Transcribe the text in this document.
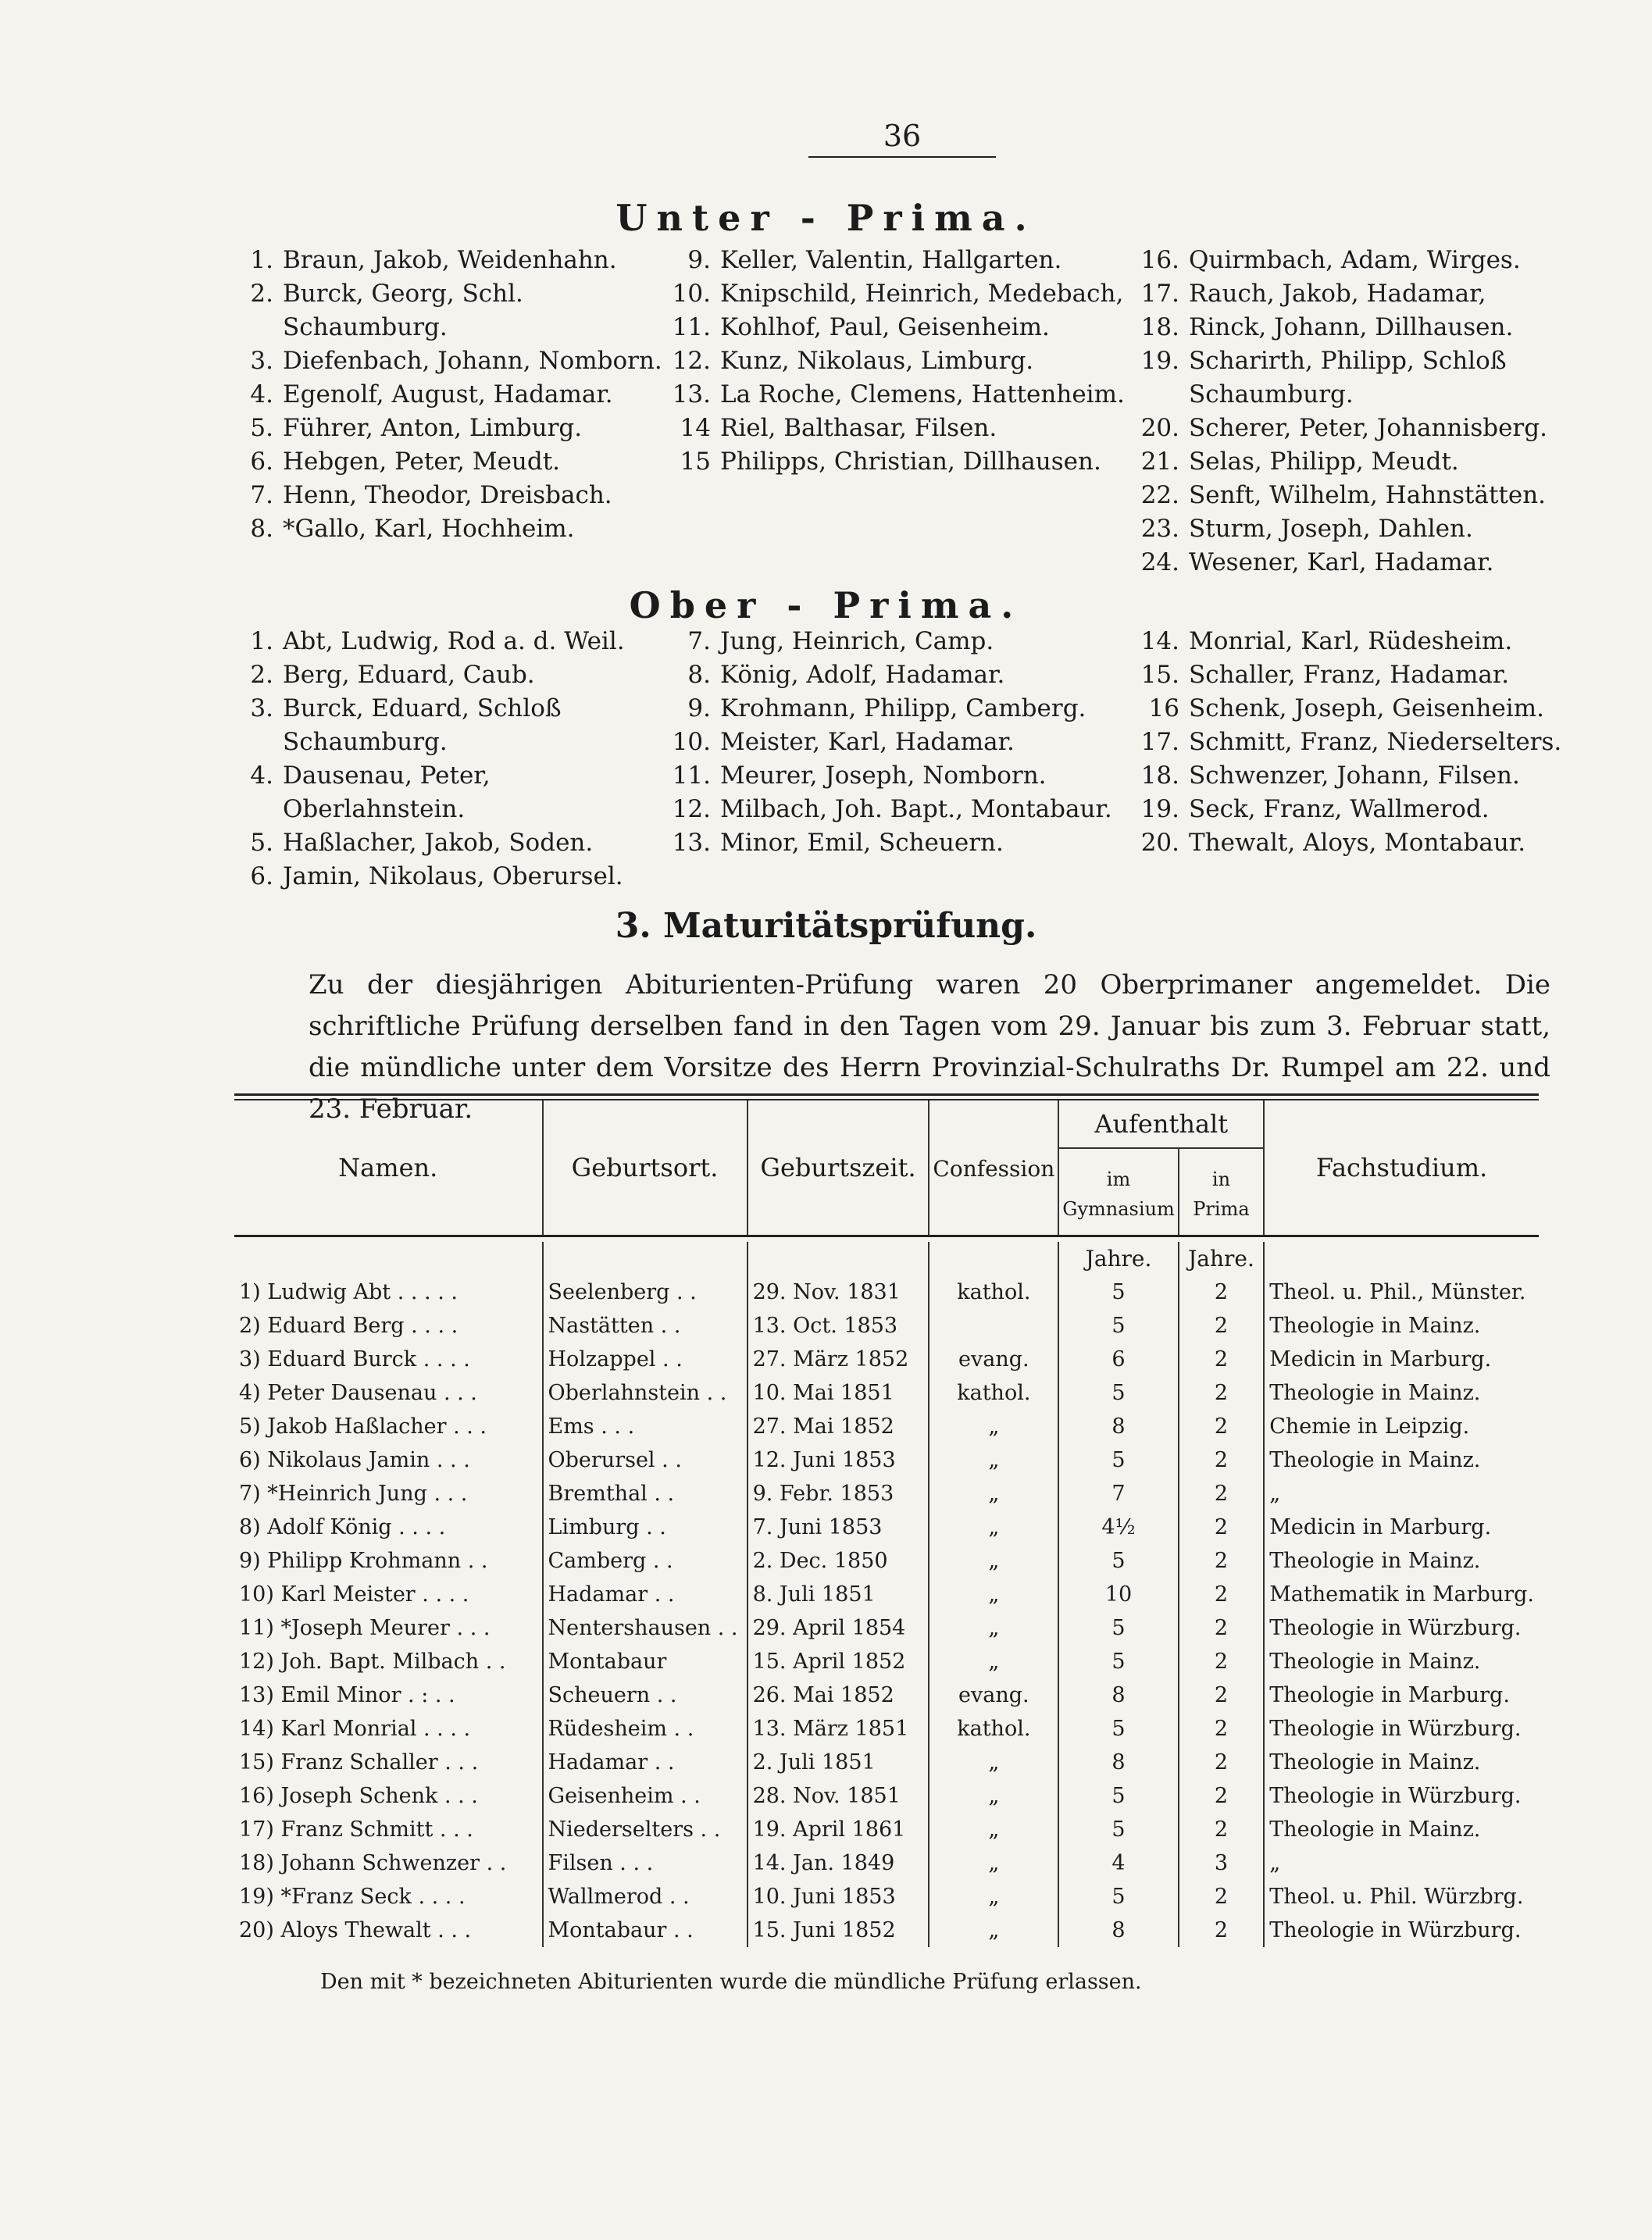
36
Unter - Prima.
1. Braun, Jakob, Weidenhahn.
2. Burck, Georg, Schl. Schaumburg.
3. Diefenbach, Johann, Nomborn.
4. Egenolf, August, Hadamar.
5. Führer, Anton, Limburg.
6. Hebgen, Peter, Meudt.
7. Henn, Theodor, Dreisbach.
8. *Gallo, Karl, Hochheim.
9. Keller, Valentin, Hallgarten.
10. Knipschild, Heinrich, Medebach,
11. Kohlhof, Paul, Geisenheim.
12. Kunz, Nikolaus, Limburg.
13. La Roche, Clemens, Hattenheim.
14 Riel, Balthasar, Filsen.
15 Philipps, Christian, Dillhausen.
16. Quirmbach, Adam, Wirges.
17. Rauch, Jakob, Hadamar,
18. Rinck, Johann, Dillhausen.
19. Scharirth, Philipp, Schloß Schaumburg.
20. Scherer, Peter, Johannisberg.
21. Selas, Philipp, Meudt.
22. Senft, Wilhelm, Hahnstätten.
23. Sturm, Joseph, Dahlen.
24. Wesener, Karl, Hadamar.
Ober - Prima.
1. Abt, Ludwig, Rod a. d. Weil.
2. Berg, Eduard, Caub.
3. Burck, Eduard, Schloß Schaumburg.
4. Dausenau, Peter, Oberlahnstein.
5. Haßlacher, Jakob, Soden.
6. Jamin, Nikolaus, Oberursel.
7. Jung, Heinrich, Camp.
8. König, Adolf, Hadamar.
9. Krohmann, Philipp, Camberg.
10. Meister, Karl, Hadamar.
11. Meurer, Joseph, Nomborn.
12. Milbach, Joh. Bapt., Montabaur.
13. Minor, Emil, Scheuern.
14. Monrial, Karl, Rüdesheim.
15. Schaller, Franz, Hadamar.
16 Schenk, Joseph, Geisenheim.
17. Schmitt, Franz, Niederselters.
18. Schwenzer, Johann, Filsen.
19. Seck, Franz, Wallmerod.
20. Thewalt, Aloys, Montabaur.
3. Maturitätsprüfung.
Zu der diesjährigen Abiturienten-Prüfung waren 20 Oberprimaner angemeldet. Die schriftliche Prüfung derselben fand in den Tagen vom 29. Januar bis zum 3. Februar statt, die mündliche unter dem Vorsitze des Herrn Provinzial-Schulraths Dr. Rumpel am 22. und 23. Februar.
Namen.	Geburtsort.	Geburtszeit.	Confession	Aufenthalt		Fachstudium.
				im Gymnasium	in Prima	

				Jahre.	Jahre.	
1) Ludwig Abt . . . . .	Seelenberg . .	29. Nov. 1831	kathol.	5	2	Theol. u. Phil., Münster.
2) Eduard Berg . . . .	Nastätten . .	13. Oct. 1853		5	2	Theologie in Mainz.
3) Eduard Burck . . . .	Holzappel . .	27. März 1852	evang.	6	2	Medicin in Marburg.
4) Peter Dausenau . . .	Oberlahnstein . .	10. Mai 1851	kathol.	5	2	Theologie in Mainz.
5) Jakob Haßlacher . . .	Ems . . .	27. Mai 1852	„	8	2	Chemie in Leipzig.
6) Nikolaus Jamin . . .	Oberursel . .	12. Juni 1853	„	5	2	Theologie in Mainz.
7) *Heinrich Jung . . .	Bremthal . .	9. Febr. 1853	„	7	2	„
8) Adolf König . . . .	Limburg . .	7. Juni 1853	„	4½	2	Medicin in Marburg.
9) Philipp Krohmann . .	Camberg . .	2. Dec. 1850	„	5	2	Theologie in Mainz.
10) Karl Meister . . . .	Hadamar . .	8. Juli 1851	„	10	2	Mathematik in Marburg.
11) *Joseph Meurer . . .	Nentershausen . .	29. April 1854	„	5	2	Theologie in Würzburg.
12) Joh. Bapt. Milbach . .	Montabaur	15. April 1852	„	5	2	Theologie in Mainz.
13) Emil Minor . : . .	Scheuern . .	26. Mai 1852	evang.	8	2	Theologie in Marburg.
14) Karl Monrial . . . .	Rüdesheim . .	13. März 1851	kathol.	5	2	Theologie in Würzburg.
15) Franz Schaller . . .	Hadamar . .	2. Juli 1851	„	8	2	Theologie in Mainz.
16) Joseph Schenk . . .	Geisenheim . .	28. Nov. 1851	„	5	2	Theologie in Würzburg.
17) Franz Schmitt . . .	Niederselters . .	19. April 1861	„	5	2	Theologie in Mainz.
18) Johann Schwenzer . .	Filsen . . .	14. Jan. 1849	„	4	3	„
19) *Franz Seck . . . .	Wallmerod . .	10. Juni 1853	„	5	2	Theol. u. Phil. Würzbrg.
20) Aloys Thewalt . . .	Montabaur . .	15. Juni 1852	„	8	2	Theologie in Würzburg.
Den mit * bezeichneten Abiturienten wurde die mündliche Prüfung erlassen.
